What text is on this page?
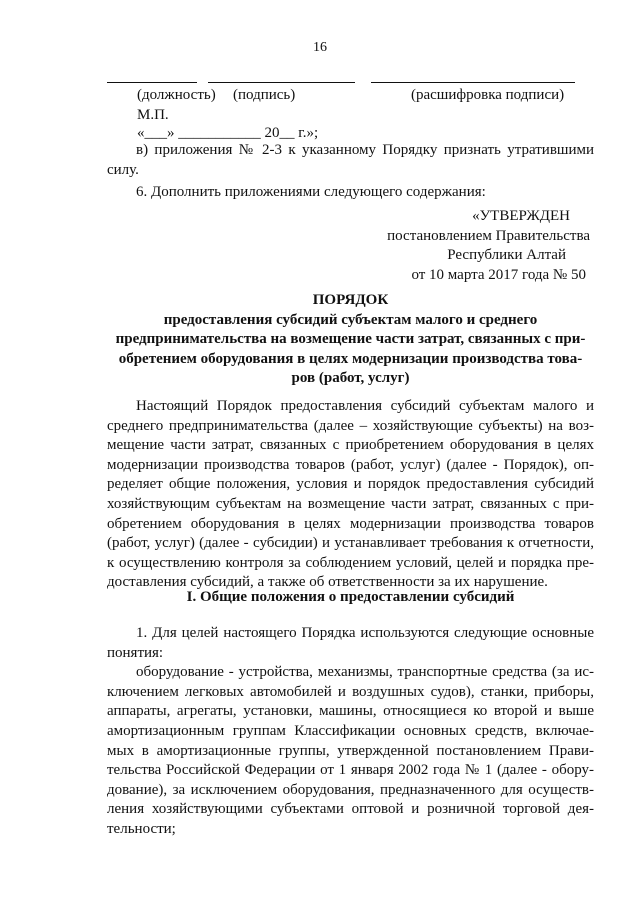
16
(должность) (подпись)	(расшифровка подписи)
М.П.
«___» ___________ 20__ г.»;
в) приложения № 2-3 к указанному Порядку признать утратившими
силу.
6. Дополнить приложениями следующего содержания:
«УТВЕРЖДЕН
постановлением Правительства
Республики Алтай
от 10 марта 2017 года № 50
ПОРЯДОК
предоставления субсидий субъектам малого и среднего
предпринимательства на возмещение части затрат, связанных с при-
обретением оборудования в целях модернизации производства това-
ров (работ, услуг)
Настоящий Порядок предоставления субсидий субъектам малого и
среднего предпринимательства (далее – хозяйствующие субъекты) на воз-
мещение части затрат, связанных с приобретением оборудования в целях
модернизации производства товаров (работ, услуг) (далее - Порядок), оп-
ределяет общие положения, условия и порядок предоставления субсидий
хозяйствующим субъектам на возмещение части затрат, связанных с при-
обретением оборудования в целях модернизации производства товаров
(работ, услуг) (далее - субсидии) и устанавливает требования к отчетности,
к осуществлению контроля за соблюдением условий, целей и порядка пре-
доставления субсидий, а также об ответственности за их нарушение.
I. Общие положения о предоставлении субсидий
1. Для целей настоящего Порядка используются следующие основные
понятия:
оборудование - устройства, механизмы, транспортные средства (за ис-
ключением легковых автомобилей и воздушных судов), станки, приборы,
аппараты, агрегаты, установки, машины, относящиеся ко второй и выше
амортизационным группам Классификации основных средств, включае-
мых в амортизационные группы, утвержденной постановлением Прави-
тельства Российской Федерации от 1 января 2002 года № 1 (далее - обору-
дование), за исключением оборудования, предназначенного для осуществ-
ления хозяйствующими субъектами оптовой и розничной торговой дея-
тельности;
